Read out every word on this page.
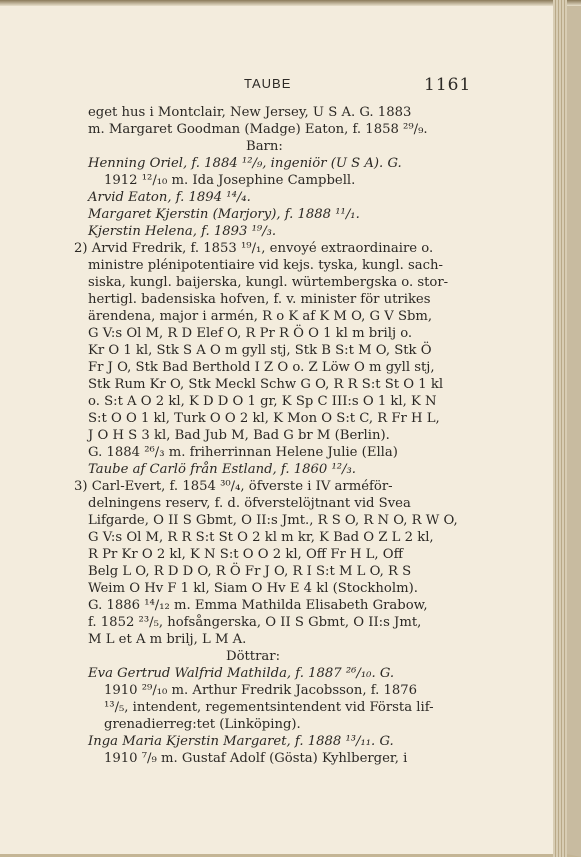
TAUBE	1161
eget hus i Montclair, New Jersey, U S A. G. 1883
m. Margaret Goodman (Madge) Eaton, f. 1858 ²⁹/₉.
Barn:
Henning Oriel, f. 1884 ¹²/₉, ingeniör (U S A). G.
1912 ¹²/₁₀ m. Ida Josephine Campbell.
Arvid Eaton, f. 1894 ¹⁴/₄.
Margaret Kjerstin (Marjory), f. 1888 ¹¹/₁.
Kjerstin Helena, f. 1893 ¹⁹/₃.
2) Arvid Fredrik, f. 1853 ¹⁹/₁, envoyé extraordinaire o.
ministre plénipotentiaire vid kejs. tyska, kungl. sach-
siska, kungl. baijerska, kungl. würtembergska o. stor-
hertigl. badensiska hofven, f. v. minister för utrikes
ärendena, major i armén, R o K af K M O, G V Sbm,
G V:s Ol M, R D Elef O, R Pr R Ö O 1 kl m brilj o.
Kr O 1 kl, Stk S A O m gyll stj, Stk B S:t M O, Stk Ö
Fr J O, Stk Bad Berthold I Z O o. Z Löw O m gyll stj,
Stk Rum Kr O, Stk Meckl Schw G O, R R S:t St O 1 kl
o. S:t A O 2 kl, K D D O 1 gr, K Sp C III:s O 1 kl, K N
S:t O O 1 kl, Turk O O 2 kl, K Mon O S:t C, R Fr H L,
J O H S 3 kl, Bad Jub M, Bad G br M (Berlin).
G. 1884 ²⁶/₃ m. friherrinnan Helene Julie (Ella)
Taube af Carlö från Estland, f. 1860 ¹²/₃.
3) Carl-Evert, f. 1854 ³⁰/₄, öfverste i IV arméför-
delningens reserv, f. d. öfverstelöjtnant vid Svea
Lifgarde, O II S Gbmt, O II:s Jmt., R S O, R N O, R W O,
G V:s Ol M, R R S:t St O 2 kl m kr, K Bad O Z L 2 kl,
R Pr Kr O 2 kl, K N S:t O O 2 kl, Off Fr H L, Off
Belg L O, R D D O, R Ö Fr J O, R I S:t M L O, R S
Weim O Hv F 1 kl, Siam O Hv E 4 kl (Stockholm).
G. 1886 ¹⁴/₁₂ m. Emma Mathilda Elisabeth Grabow,
f. 1852 ²³/₅, hofsångerska, O II S Gbmt, O II:s Jmt,
M L et A m brilj, L M A.
Döttrar:
Eva Gertrud Walfrid Mathilda, f. 1887 ²⁶/₁₀. G.
1910 ²⁹/₁₀ m. Arthur Fredrik Jacobsson, f. 1876
¹³/₅, intendent, regementsintendent vid Första lif-
grenadierreg:tet (Linköping).
Inga Maria Kjerstin Margaret, f. 1888 ¹³/₁₁. G.
1910 ⁷/₉ m. Gustaf Adolf (Gösta) Kyhlberger, i
